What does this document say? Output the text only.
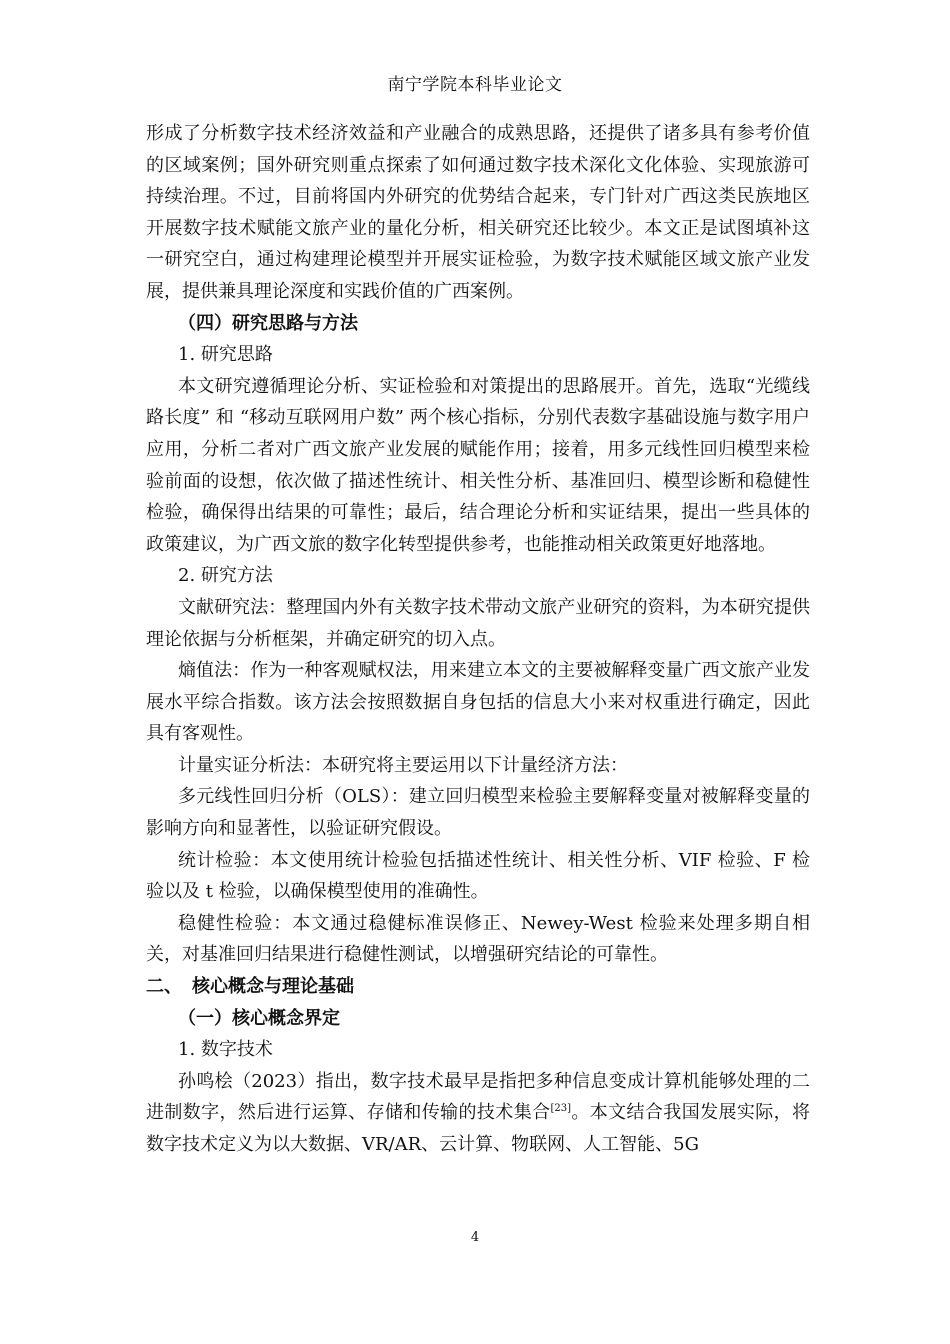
南宁学院本科毕业论文

形成了分析数字技术经济效益和产业融合的成熟思路，还提供了诸多具有参考价值的区域案例；国外研究则重点探索了如何通过数字技术深化文化体验、实现旅游可持续治理。不过，目前将国内外研究的优势结合起来，专门针对广西这类民族地区开展数字技术赋能文旅产业的量化分析，相关研究还比较少。本文正是试图填补这一研究空白，通过构建理论模型并开展实证检验，为数字技术赋能区域文旅产业发展，提供兼具理论深度和实践价值的广西案例。

（四）研究思路与方法

1. 研究思路

本文研究遵循理论分析、实证检验和对策提出的思路展开。首先，选取“光缆线路长度” 和 “移动互联网用户数” 两个核心指标，分别代表数字基础设施与数字用户应用，分析二者对广西文旅产业发展的赋能作用；接着，用多元线性回归模型来检验前面的设想，依次做了描述性统计、相关性分析、基准回归、模型诊断和稳健性检验，确保得出结果的可靠性；最后，结合理论分析和实证结果，提出一些具体的政策建议，为广西文旅的数字化转型提供参考，也能推动相关政策更好地落地。

2. 研究方法

文献研究法：整理国内外有关数字技术带动文旅产业研究的资料，为本研究提供理论依据与分析框架，并确定研究的切入点。

熵值法：作为一种客观赋权法，用来建立本文的主要被解释变量广西文旅产业发展水平综合指数。该方法会按照数据自身包括的信息大小来对权重进行确定，因此具有客观性。

计量实证分析法：本研究将主要运用以下计量经济方法：

多元线性回归分析（OLS）：建立回归模型来检验主要解释变量对被解释变量的影响方向和显著性，以验证研究假设。

统计检验：本文使用统计检验包括描述性统计、相关性分析、VIF 检验、F 检验以及 t 检验，以确保模型使用的准确性。

稳健性检验：本文通过稳健标准误修正、Newey-West 检验来处理多期自相关，对基准回归结果进行稳健性测试，以增强研究结论的可靠性。

二、 核心概念与理论基础

（一）核心概念界定

1. 数字技术

孙鸣桧（2023）指出，数字技术最早是指把多种信息变成计算机能够处理的二进制数字，然后进行运算、存储和传输的技术集合[23]。本文结合我国发展实际，将数字技术定义为以大数据、VR/AR、云计算、物联网、人工智能、5G

4
